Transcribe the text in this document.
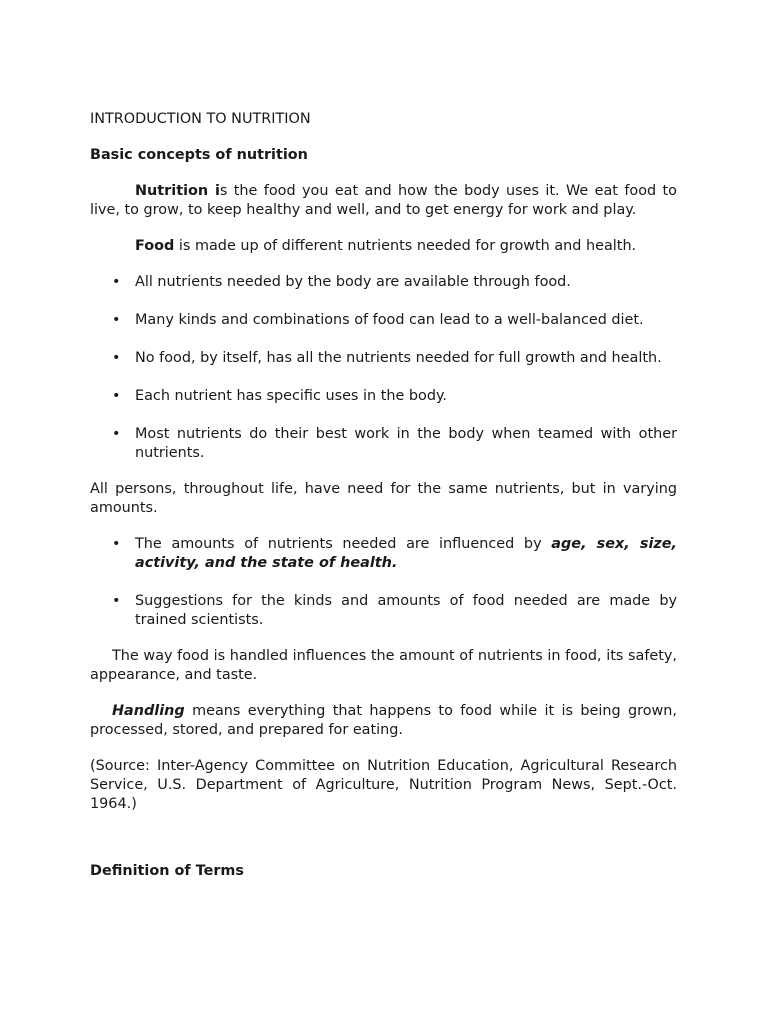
INTRODUCTION TO NUTRITION

Basic concepts of nutrition

Nutrition is the food you eat and how the body uses it. We eat food to live, to grow, to keep healthy and well, and to get energy for work and play.

Food is made up of different nutrients needed for growth and health.

• All nutrients needed by the body are available through food.
• Many kinds and combinations of food can lead to a well-balanced diet.
• No food, by itself, has all the nutrients needed for full growth and health.
• Each nutrient has specific uses in the body.
• Most nutrients do their best work in the body when teamed with other nutrients.

All persons, throughout life, have need for the same nutrients, but in varying amounts.

• The amounts of nutrients needed are influenced by age, sex, size, activity, and the state of health.
• Suggestions for the kinds and amounts of food needed are made by trained scientists.

The way food is handled influences the amount of nutrients in food, its safety, appearance, and taste.

Handling means everything that happens to food while it is being grown, processed, stored, and prepared for eating.

(Source: Inter-Agency Committee on Nutrition Education, Agricultural Research Service, U.S. Department of Agriculture, Nutrition Program News, Sept.-Oct. 1964.)

Definition of Terms
